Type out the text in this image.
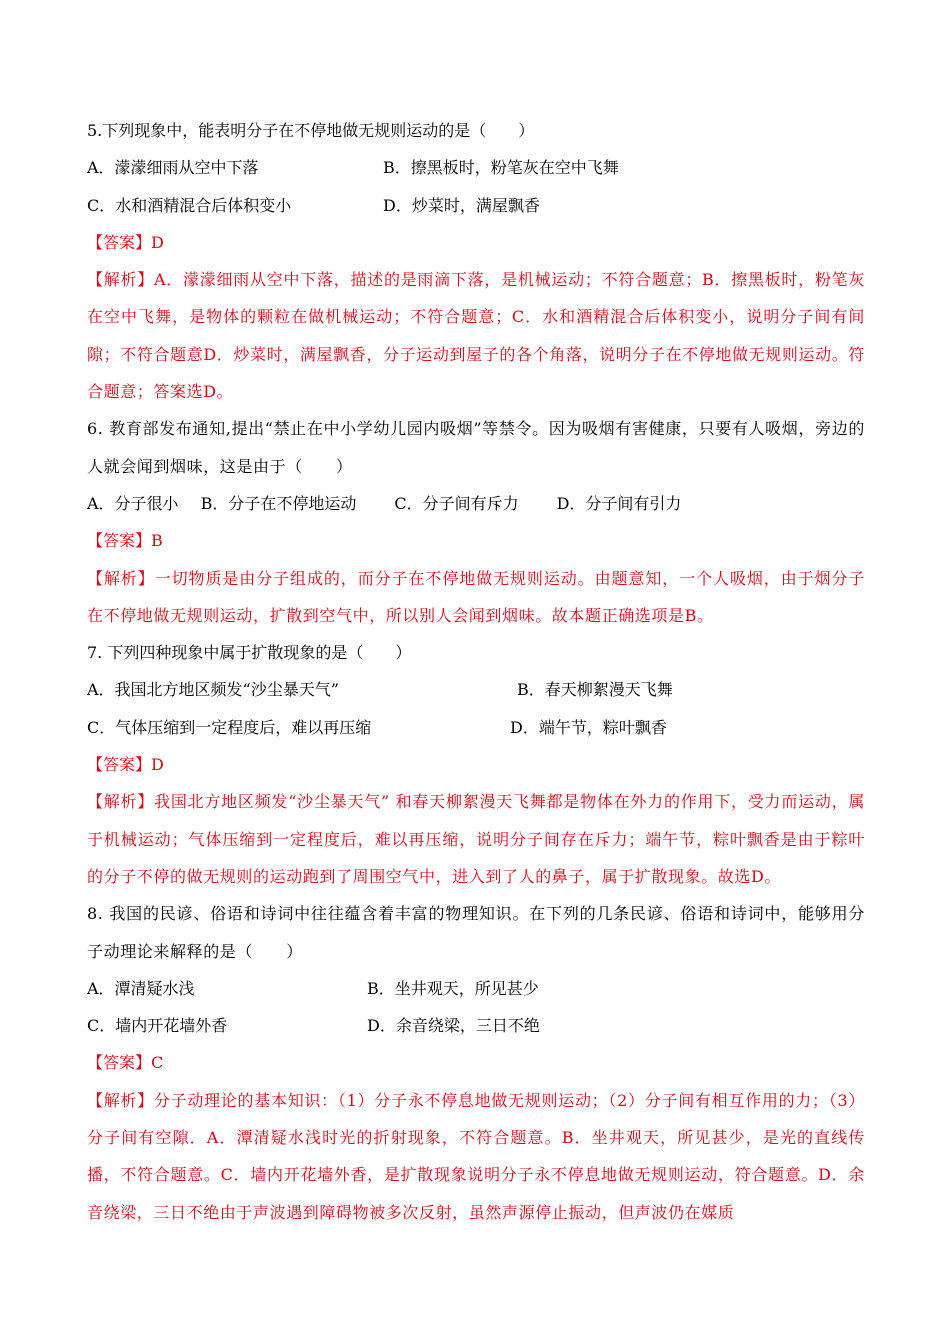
5.下列现象中，能表明分子在不停地做无规则运动的是（　　）
A．濛濛细雨从空中下落	B．擦黑板时，粉笔灰在空中飞舞
C．水和酒精混合后体积变小	D．炒菜时，满屋飘香
【答案】D
【解析】A．濛濛细雨从空中下落，描述的是雨滴下落，是机械运动；不符合题意；B．擦黑板时，粉笔灰在空中飞舞，是物体的颗粒在做机械运动；不符合题意；C．水和酒精混合后体积变小，说明分子间有间隙；不符合题意D．炒菜时，满屋飘香，分子运动到屋子的各个角落，说明分子在不停地做无规则运动。符合题意；答案选D。
6. 教育部发布通知,提出“禁止在中小学幼儿园内吸烟”等禁令。因为吸烟有害健康，只要有人吸烟，旁边的人就会闻到烟味，这是由于（　　）
A．分子很小 B．分子在不停地运动 C．分子间有斥力 D．分子间有引力
【答案】B
【解析】一切物质是由分子组成的，而分子在不停地做无规则运动。由题意知，一个人吸烟，由于烟分子在不停地做无规则运动，扩散到空气中，所以别人会闻到烟味。故本题正确选项是B。
7. 下列四种现象中属于扩散现象的是（　　）
A．我国北方地区频发“沙尘暴天气”	B．春天柳絮漫天飞舞
C．气体压缩到一定程度后，难以再压缩	D．端午节，粽叶飘香
【答案】D
【解析】我国北方地区频发“沙尘暴天气” 和春天柳絮漫天飞舞都是物体在外力的作用下，受力而运动，属于机械运动；气体压缩到一定程度后，难以再压缩，说明分子间存在斥力；端午节，粽叶飘香是由于粽叶的分子不停的做无规则的运动跑到了周围空气中，进入到了人的鼻子，属于扩散现象。故选D。
8. 我国的民谚、俗语和诗词中往往蕴含着丰富的物理知识。在下列的几条民谚、俗语和诗词中，能够用分子动理论来解释的是（　　）
A．潭清疑水浅	B．坐井观天，所见甚少
C．墙内开花墙外香	D．余音绕梁，三日不绝
【答案】C
【解析】分子动理论的基本知识：（1）分子永不停息地做无规则运动；（2）分子间有相互作用的力；（3）分子间有空隙．A．潭清疑水浅时光的折射现象，不符合题意。B．坐井观天，所见甚少，是光的直线传播，不符合题意。C．墙内开花墙外香，是扩散现象说明分子永不停息地做无规则运动，符合题意。D．余音绕梁，三日不绝由于声波遇到障碍物被多次反射，虽然声源停止振动，但声波仍在媒质
